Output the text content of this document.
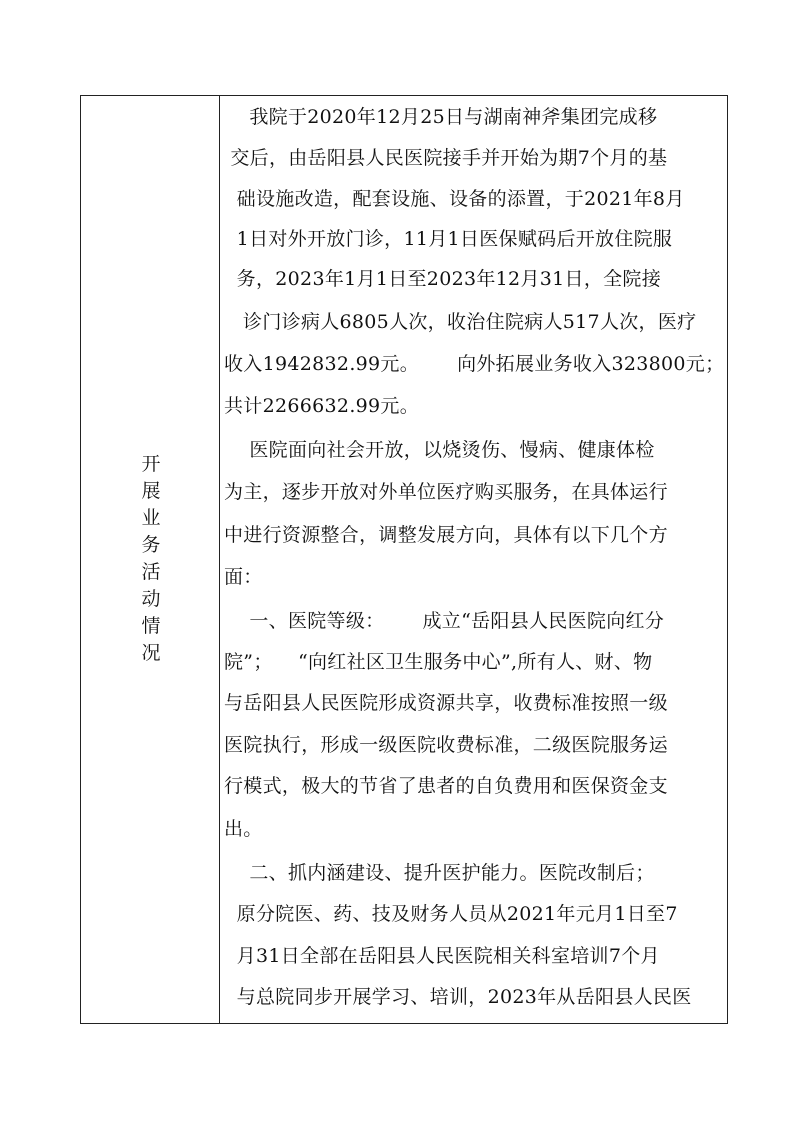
开
展
业
务
活
动
情
况
我院于2020年12月25日与湖南神斧集团完成移
交后，由岳阳县人民医院接手并开始为期7个月的基
础设施改造，配套设施、设备的添置，于2021年8月
1日对外开放门诊，11月1日医保赋码后开放住院服
务，2023年1月1日至2023年12月31日，全院接
诊门诊病人6805人次，收治住院病人517人次，医疗
收入1942832.99元。      向外拓展业务收入323800元；
共计2266632.99元。
医院面向社会开放，以烧烫伤、慢病、健康体检
为主，逐步开放对外单位医疗购买服务，在具体运行
中进行资源整合，调整发展方向，具体有以下几个方
面：
一、医院等级：      成立“岳阳县人民医院向红分
院”；    “向红社区卫生服务中心”,所有人、财、物
与岳阳县人民医院形成资源共享，收费标准按照一级
医院执行，形成一级医院收费标准，二级医院服务运
行模式，极大的节省了患者的自负费用和医保资金支
出。
二、抓内涵建设、提升医护能力。医院改制后；
原分院医、药、技及财务人员从2021年元月1日至7
月31日全部在岳阳县人民医院相关科室培训7个月
与总院同步开展学习、培训，2023年从岳阳县人民医
